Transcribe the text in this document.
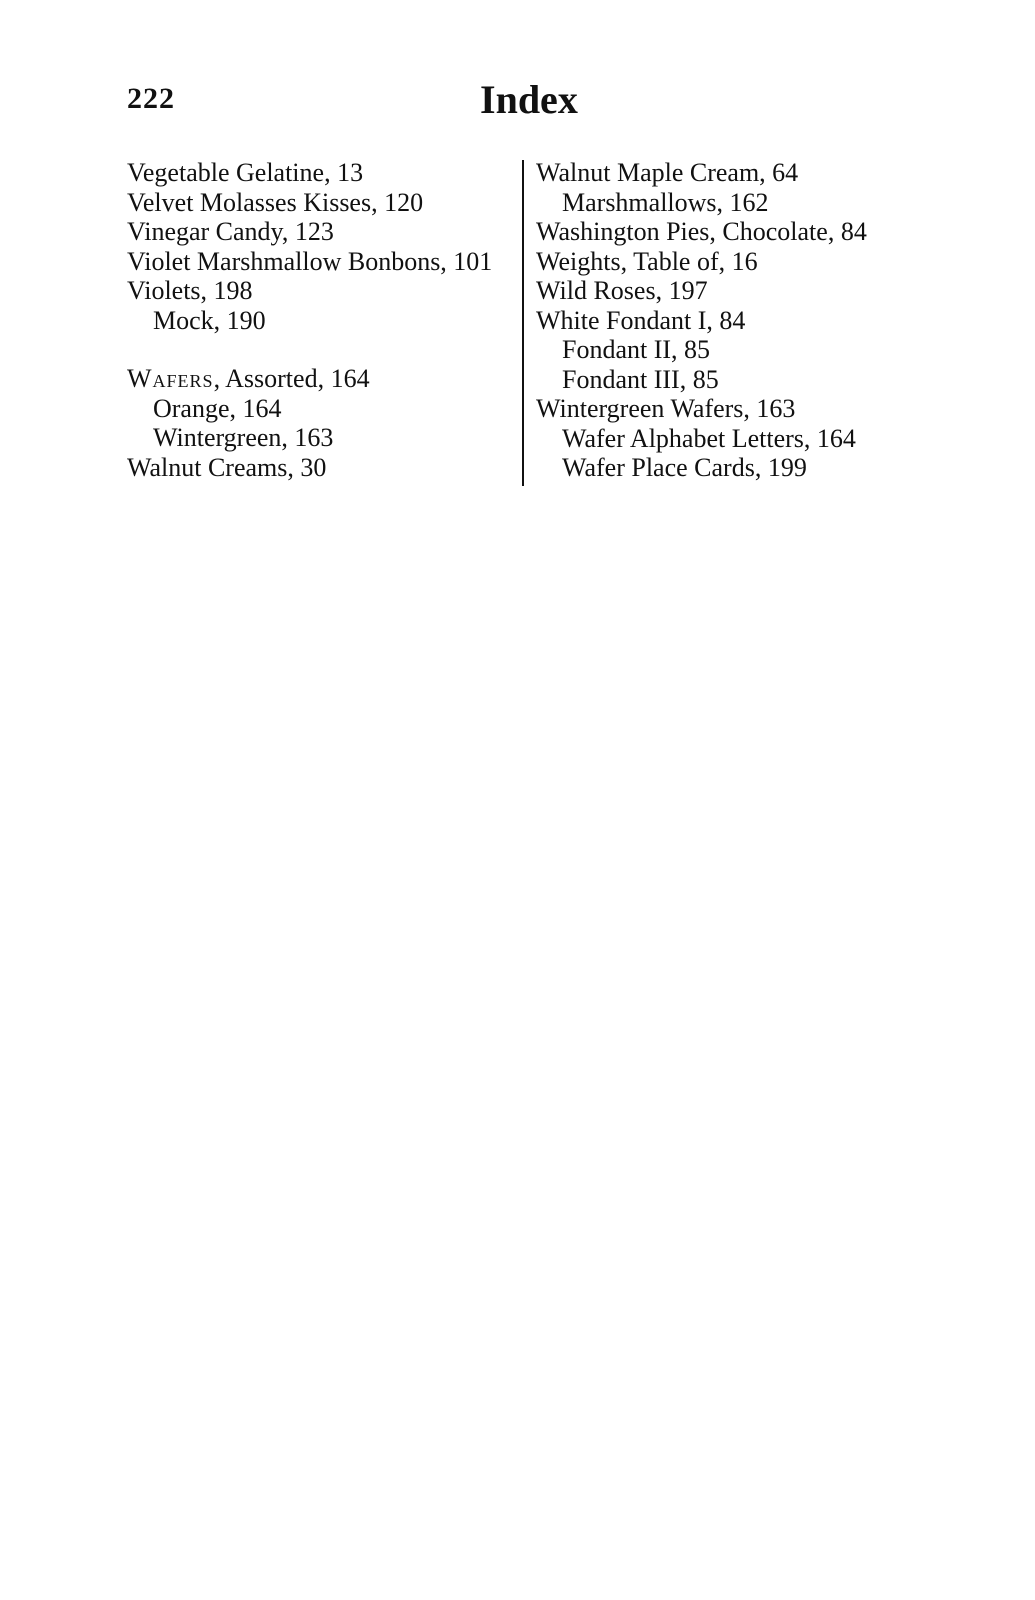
222	Index
Vegetable Gelatine, 13
Velvet Molasses Kisses, 120
Vinegar Candy, 123
Violet Marshmallow Bonbons, 101
Violets, 198
Mock, 190
Wafers, Assorted, 164
Orange, 164
Wintergreen, 163
Walnut Creams, 30
Walnut Maple Cream, 64
Marshmallows, 162
Washington Pies, Chocolate, 84
Weights, Table of, 16
Wild Roses, 197
White Fondant I, 84
Fondant II, 85
Fondant III, 85
Wintergreen Wafers, 163
Wafer Alphabet Letters, 164
Wafer Place Cards, 199
